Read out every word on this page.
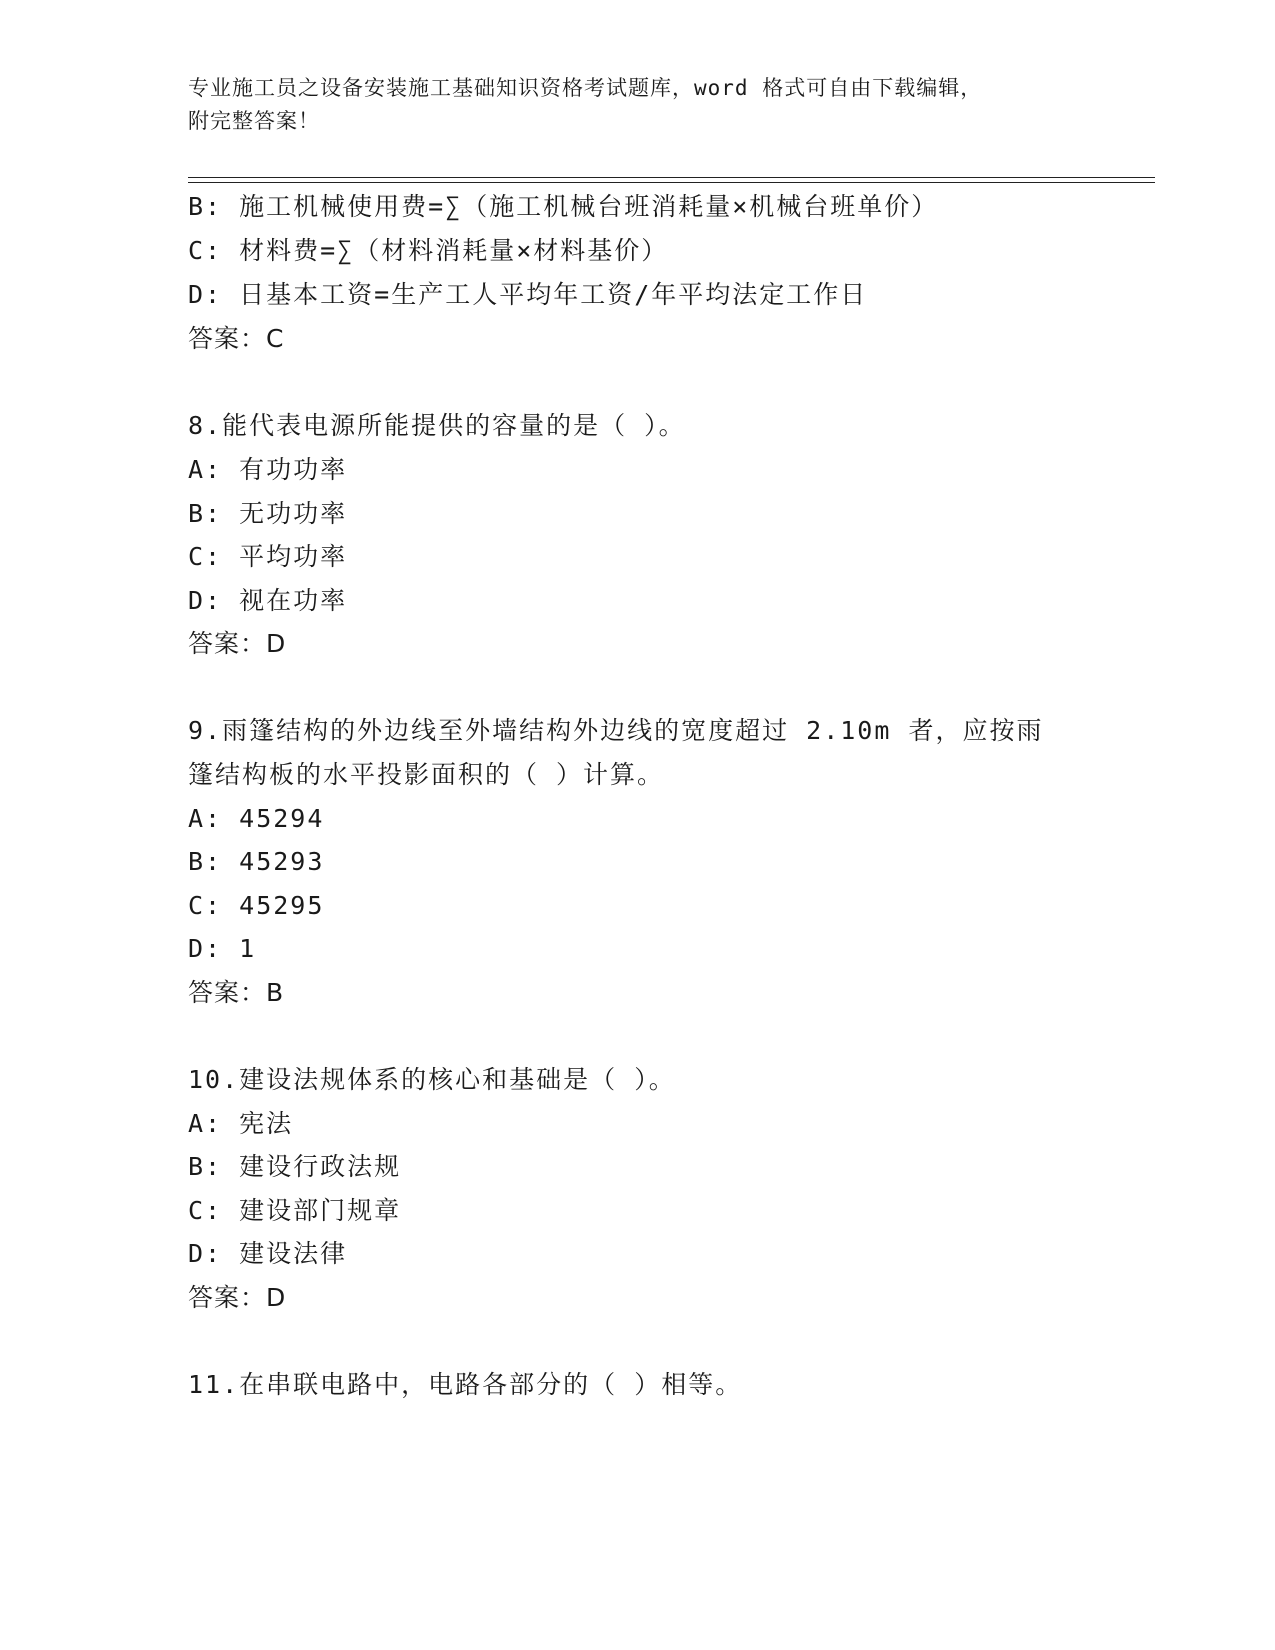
专业施工员之设备安装施工基础知识资格考试题库，word 格式可自由下载编辑，
附完整答案！
B: 施工机械使用费=∑（施工机械台班消耗量×机械台班单价）
C: 材料费=∑（材料消耗量×材料基价）
D: 日基本工资=生产工人平均年工资/年平均法定工作日
答案：C
8.能代表电源所能提供的容量的是（ ）。
A: 有功功率
B: 无功功率
C: 平均功率
D: 视在功率
答案：D
9.雨篷结构的外边线至外墙结构外边线的宽度超过 2.10m 者，应按雨
篷结构板的水平投影面积的（ ）计算。
A: 45294
B: 45293
C: 45295
D: 1
答案：B
10.建设法规体系的核心和基础是（ ）。
A: 宪法
B: 建设行政法规
C: 建设部门规章
D: 建设法律
答案：D
11.在串联电路中，电路各部分的（ ）相等。
